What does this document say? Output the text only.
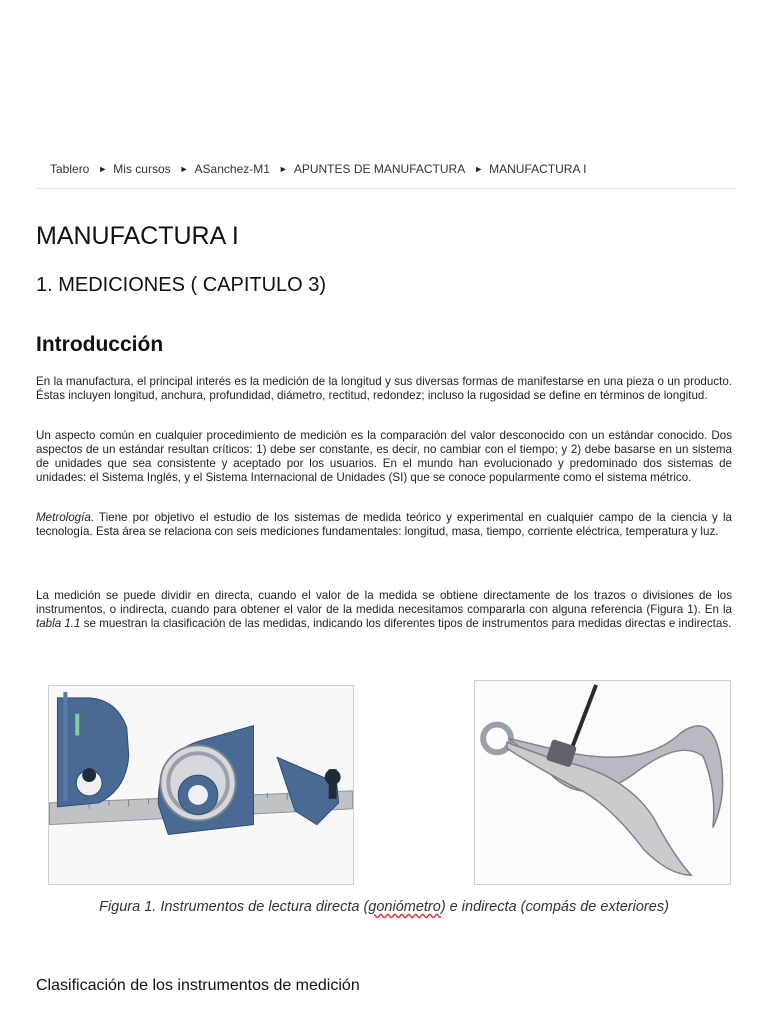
Tablero ► Mis cursos ► ASanchez-M1 ► APUNTES DE MANUFACTURA ► MANUFACTURA I
MANUFACTURA I
1. MEDICIONES ( CAPITULO 3)
Introducción

En la manufactura, el principal interés es la medición de la longitud y sus diversas formas de manifestarse en una pieza o un producto. Éstas incluyen longitud, anchura, profundidad, diámetro, rectitud, redondez; incluso la rugosidad se define en términos de longitud.

Un aspecto común en cualquier procedimiento de medición es la comparación del valor desconocido con un estándar conocido. Dos aspectos de un estándar resultan críticos: 1) debe ser constante, es decir, no cambiar con el tiempo; y 2) debe basarse en un sistema de unidades que sea consistente y aceptado por los usuarios. En el mundo han evolucionado y predominado dos sistemas de unidades: el Sistema Inglés, y el Sistema Internacional de Unidades (SI) que se conoce popularmente como el sistema métrico.

Metrología. Tiene por objetivo el estudio de los sistemas de medida teórico y experimental en cualquier campo de la ciencia y la tecnología. Esta área se relaciona con seis mediciones fundamentales: longitud, masa, tiempo, corriente eléctrica, temperatura y luz.

La medición se puede dividir en directa, cuando el valor de la medida se obtiene directamente de los trazos o divisiones de los instrumentos, o indirecta, cuando para obtener el valor de la medida necesitamos compararla con alguna referencia (Figura 1). En la tabla 1.1 se muestran la clasificación de las medidas, indicando los diferentes tipos de instrumentos para medidas directas e indirectas.

Figura 1. Instrumentos de lectura directa (goniómetro) e indirecta (compás de exteriores)
Clasificación de los instrumentos de medición
